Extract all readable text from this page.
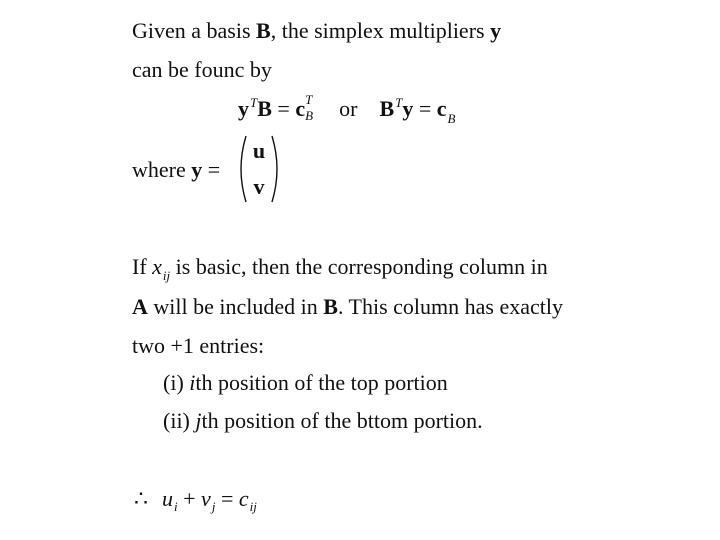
Given a basis B, the simplex multipliers y
can be founc by
$y^TB = c$ T
B or $B^Ty = c_B$
where y =
u
v
If $x_{ij}$ is basic, then the corresponding column in
A will be included in B. This column has exactly
two +1 entries:
(i) ith position of the top portion
(ii) jth position of the bttom portion.
∴ $u_i + v_j = c_{ij}$
